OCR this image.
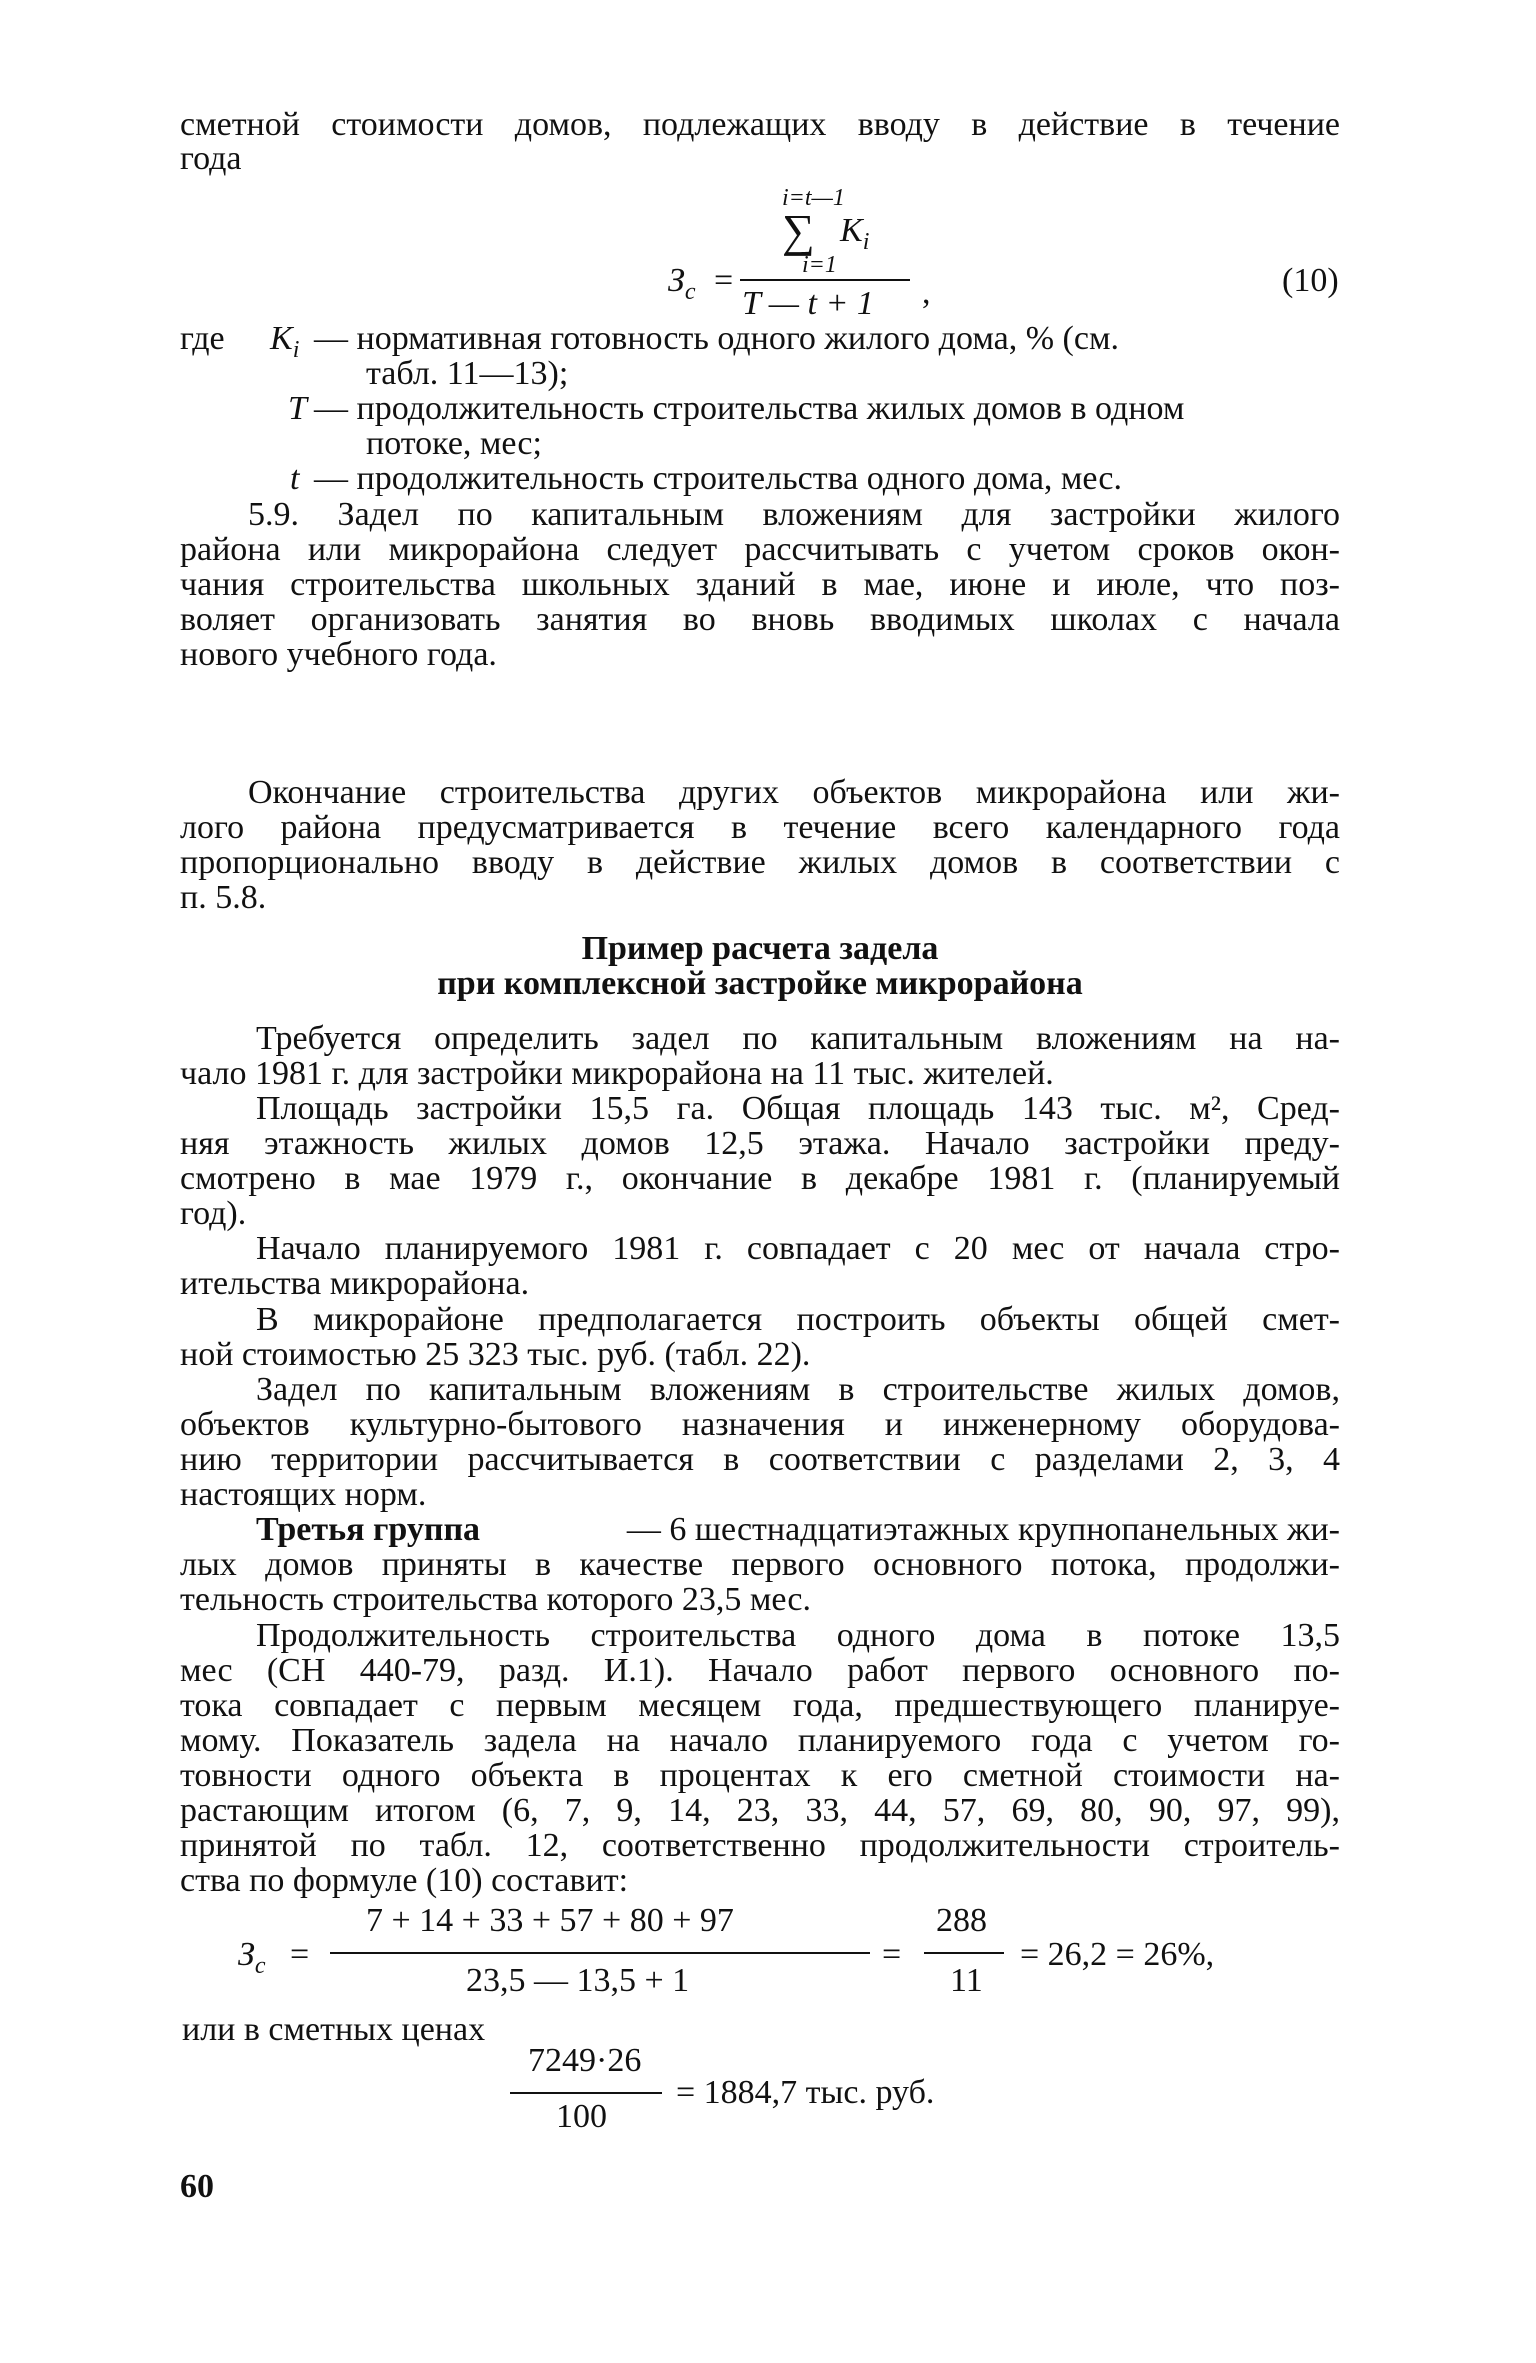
сметной стоимости домов, подлежащих вводу в действие в течение
года
i=t—1
∑ $K_i$
i=1
$З_с$ =
T — t + 1 ,	(10)
где $K_i$ — нормативная готовность одного жилого дома, % (см.
табл. 11—13);
T — продолжительность строительства жилых домов в одном
потоке, мес;
t — продолжительность строительства одного дома, мес.
5.9. Задел по капитальным вложениям для застройки жилого
района или микрорайона следует рассчитывать с учетом сроков окон-
чания строительства школьных зданий в мае, июне и июле, что поз-
воляет организовать занятия во вновь вводимых школах с начала
нового учебного года.
Окончание строительства других объектов микрорайона или жи-
лого района предусматривается в течение всего календарного года
пропорционально вводу в действие жилых домов в соответствии с
п. 5.8.
Пример расчета задела
при комплексной застройке микрорайона
Требуется определить задел по капитальным вложениям на на-
чало 1981 г. для застройки микрорайона на 11 тыс. жителей.
Площадь застройки 15,5 га. Общая площадь 143 тыс. м², Сред-
няя этажность жилых домов 12,5 этажа. Начало застройки преду-
смотрено в мае 1979 г., окончание в декабре 1981 г. (планируемый
год).
Начало планируемого 1981 г. совпадает с 20 мес от начала стро-
ительства микрорайона.
В микрорайоне предполагается построить объекты общей смет-
ной стоимостью 25 323 тыс. руб. (табл. 22).
Задел по капитальным вложениям в строительстве жилых домов,
объектов культурно-бытового назначения и инженерному оборудова-
нию территории рассчитывается в соответствии с разделами 2, 3, 4
настоящих норм.
Третья группа	— 6 шестнадцатиэтажных крупнопанельных жи-
лых домов приняты в качестве первого основного потока, продолжи-
тельность строительства которого 23,5 мес.
Продолжительность строительства одного дома в потоке 13,5
мес (СН 440-79, разд. И.1). Начало работ первого основного по-
тока совпадает с первым месяцем года, предшествующего планируе-
мому. Показатель задела на начало планируемого года с учетом го-
товности одного объекта в процентах к его сметной стоимости на-
растающим итогом (6, 7, 9, 14, 23, 33, 44, 57, 69, 80, 90, 97, 99),
принятой по табл. 12, соответственно продолжительности строитель-
ства по формуле (10) составит:
$З_с$ =
7 + 14 + 33 + 57 + 80 + 97
23,5 — 13,5 + 1
=
288
11
= 26,2 = 26%,
или в сметных ценах
7249·26
100
= 1884,7 тыс. руб.
60
